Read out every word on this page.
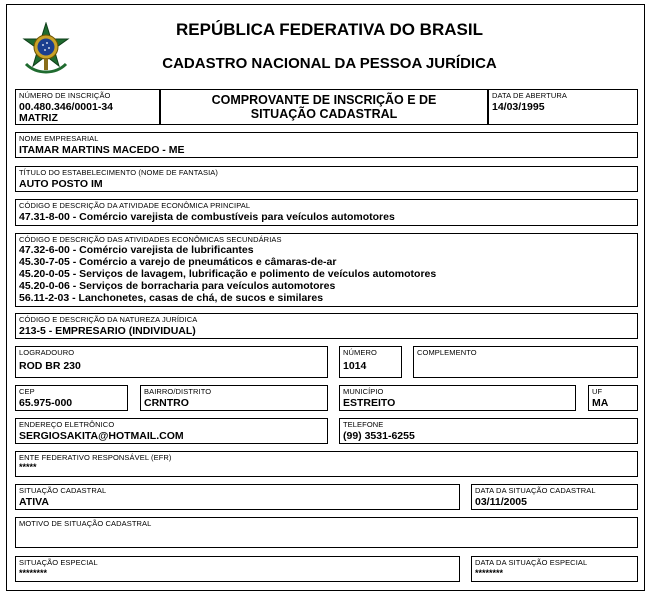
REPÚBLICA FEDERATIVA DO BRASIL
CADASTRO NACIONAL DA PESSOA JURÍDICA
NÚMERO DE INSCRIÇÃO
00.480.346/0001-34
MATRIZ
COMPROVANTE DE INSCRIÇÃO E DE
SITUAÇÃO CADASTRAL
DATA DE ABERTURA
14/03/1995
NOME EMPRESARIAL
ITAMAR MARTINS MACEDO - ME
TÍTULO DO ESTABELECIMENTO (NOME DE FANTASIA)
AUTO POSTO IM
CÓDIGO E DESCRIÇÃO DA ATIVIDADE ECONÔMICA PRINCIPAL
47.31-8-00 - Comércio varejista de combustíveis para veículos automotores
CÓDIGO E DESCRIÇÃO DAS ATIVIDADES ECONÔMICAS SECUNDÁRIAS
47.32-6-00 - Comércio varejista de lubrificantes
45.30-7-05 - Comércio a varejo de pneumáticos e câmaras-de-ar
45.20-0-05 - Serviços de lavagem, lubrificação e polimento de veículos automotores
45.20-0-06 - Serviços de borracharia para veículos automotores
56.11-2-03 - Lanchonetes, casas de chá, de sucos e similares
CÓDIGO E DESCRIÇÃO DA NATUREZA JURÍDICA
213-5 - EMPRESARIO (INDIVIDUAL)
LOGRADOURO
ROD BR 230
NÚMERO
1014
COMPLEMENTO
CEP
65.975-000
BAIRRO/DISTRITO
CRNTRO
MUNICÍPIO
ESTREITO
UF
MA
ENDEREÇO ELETRÔNICO
SERGIOSAKITA@HOTMAIL.COM
TELEFONE
(99) 3531-6255
ENTE FEDERATIVO RESPONSÁVEL (EFR)
*****
SITUAÇÃO CADASTRAL
ATIVA
DATA DA SITUAÇÃO CADASTRAL
03/11/2005
MOTIVO DE SITUAÇÃO CADASTRAL
SITUAÇÃO ESPECIAL
********
DATA DA SITUAÇÃO ESPECIAL
********
